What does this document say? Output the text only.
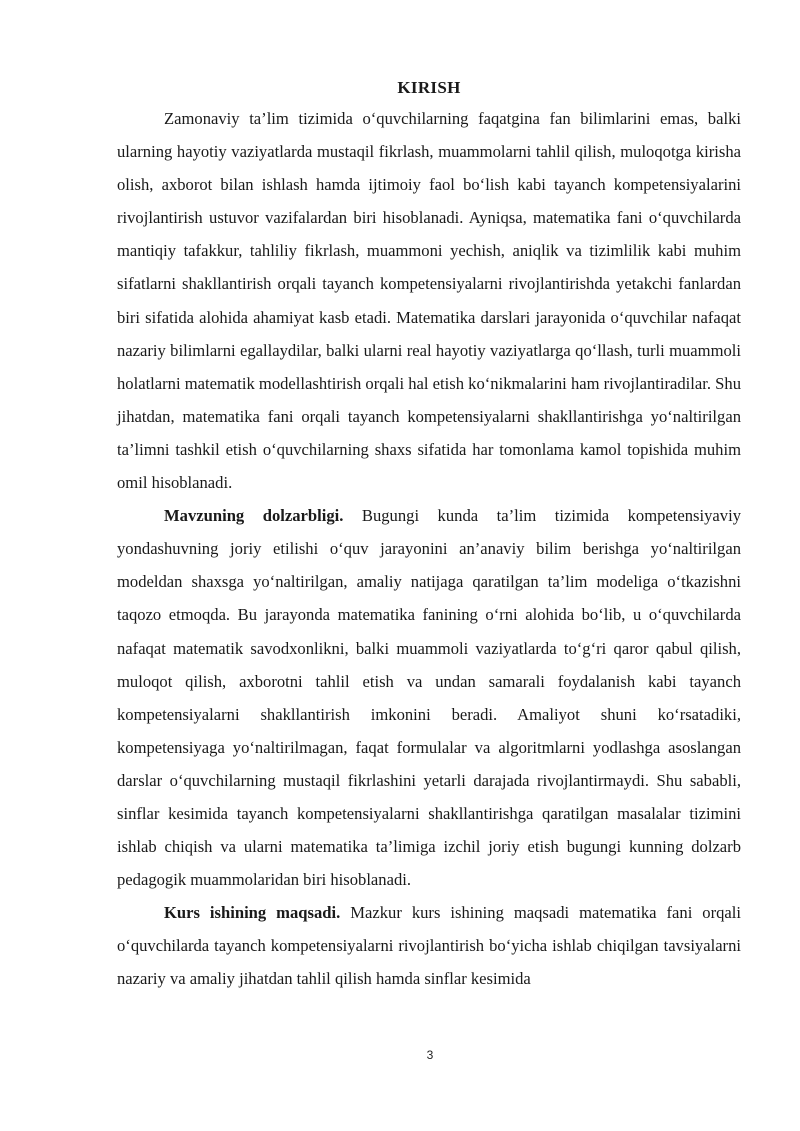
KIRISH

Zamonaviy ta’lim tizimida o‘quvchilarning faqatgina fan bilimlarini emas, balki ularning hayotiy vaziyatlarda mustaqil fikrlash, muammolarni tahlil qilish, muloqotga kirisha olish, axborot bilan ishlash hamda ijtimoiy faol bo‘lish kabi tayanch kompetensiyalarini rivojlantirish ustuvor vazifalardan biri hisoblanadi. Ayniqsa, matematika fani o‘quvchilarda mantiqiy tafakkur, tahliliy fikrlash, muammoni yechish, aniqlik va tizimlilik kabi muhim sifatlarni shakllantirish orqali tayanch kompetensiyalarni rivojlantirishda yetakchi fanlardan biri sifatida alohida ahamiyat kasb etadi. Matematika darslari jarayonida o‘quvchilar nafaqat nazariy bilimlarni egallaydilar, balki ularni real hayotiy vaziyatlarga qo‘llash, turli muammoli holatlarni matematik modellashtirish orqali hal etish ko‘nikmalarini ham rivojlantiradilar. Shu jihatdan, matematika fani orqali tayanch kompetensiyalarni shakllantirishga yo‘naltirilgan ta’limni tashkil etish o‘quvchilarning shaxs sifatida har tomonlama kamol topishida muhim omil hisoblanadi.

Mavzuning dolzarbligi. Bugungi kunda ta’lim tizimida kompetensiyaviy yondashuvning joriy etilishi o‘quv jarayonini an’anaviy bilim berishga yo‘naltirilgan modeldan shaxsga yo‘naltirilgan, amaliy natijaga qaratilgan ta’lim modeliga o‘tkazishni taqozo etmoqda. Bu jarayonda matematika fanining o‘rni alohida bo‘lib, u o‘quvchilarda nafaqat matematik savodxonlikni, balki muammoli vaziyatlarda to‘g‘ri qaror qabul qilish, muloqot qilish, axborotni tahlil etish va undan samarali foydalanish kabi tayanch kompetensiyalarni shakllantirish imkonini beradi. Amaliyot shuni ko‘rsatadiki, kompetensiyaga yo‘naltirilmagan, faqat formulalar va algoritmlarni yodlashga asoslangan darslar o‘quvchilarning mustaqil fikrlashini yetarli darajada rivojlantirmaydi. Shu sababli, sinflar kesimida tayanch kompetensiyalarni shakllantirishga qaratilgan masalalar tizimini ishlab chiqish va ularni matematika ta’limiga izchil joriy etish bugungi kunning dolzarb pedagogik muammolaridan biri hisoblanadi.

Kurs ishining maqsadi. Mazkur kurs ishining maqsadi matematika fani orqali o‘quvchilarda tayanch kompetensiyalarni rivojlantirish bo‘yicha ishlab chiqilgan tavsiyalarni nazariy va amaliy jihatdan tahlil qilish hamda sinflar kesimida

3
